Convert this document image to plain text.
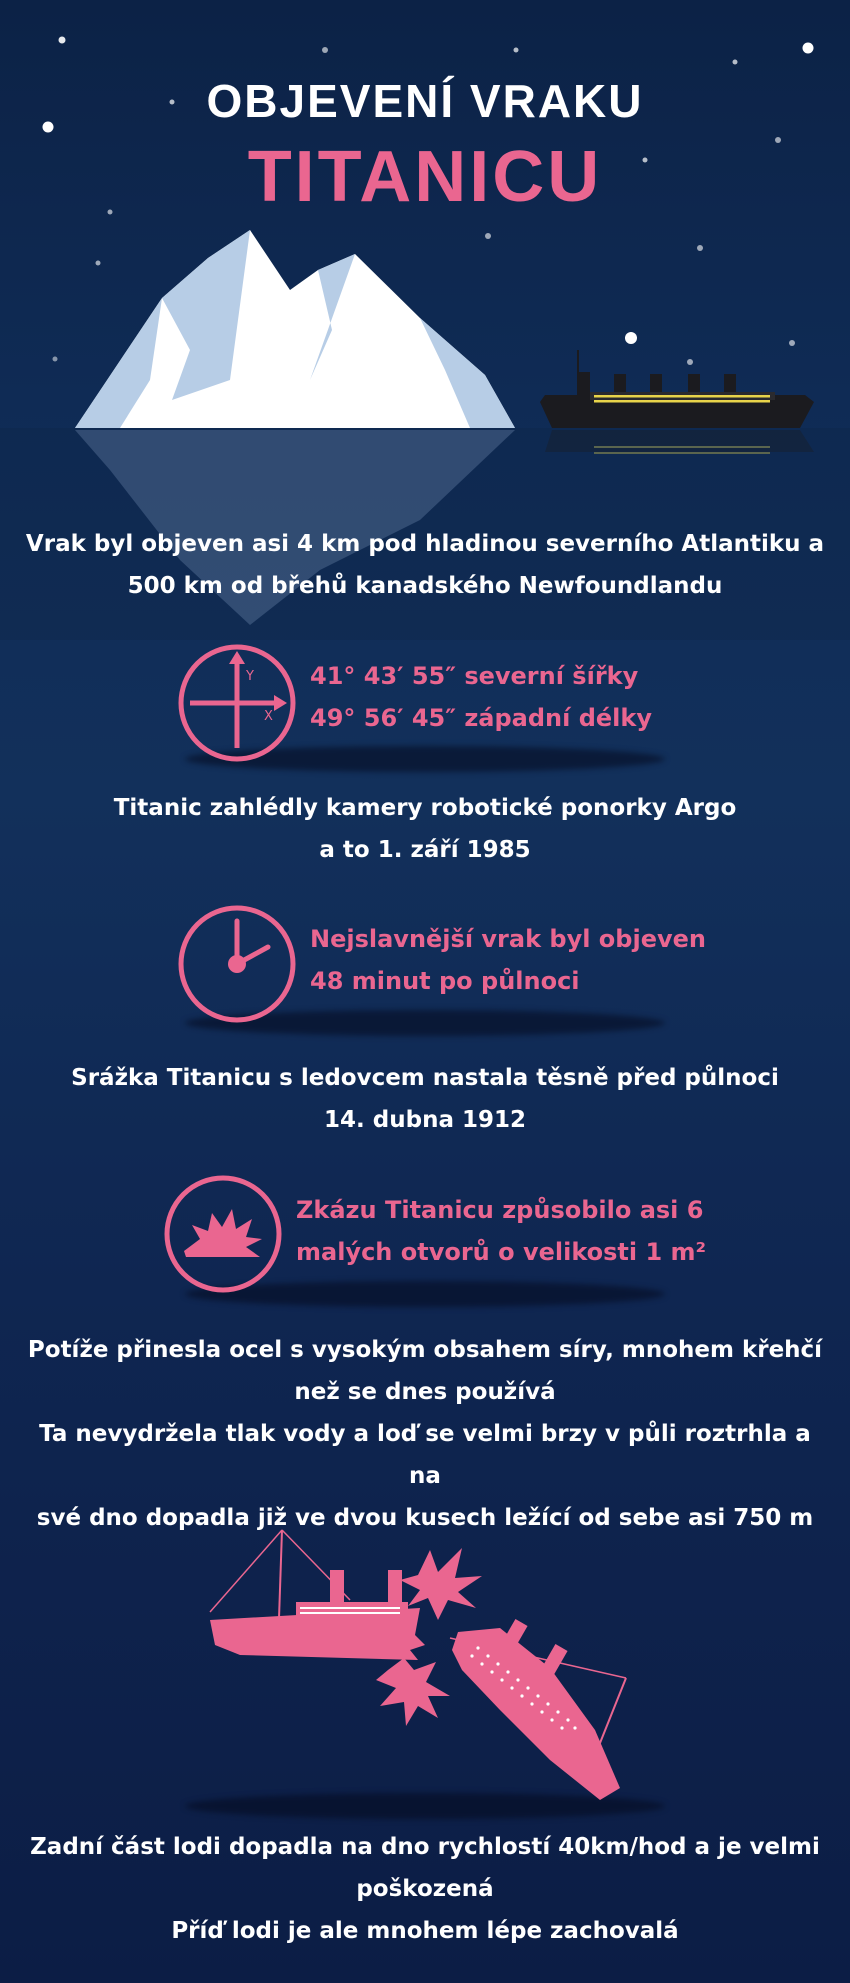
OBJEVENÍ VRAKU
TITANICU
Vrak byl objeven asi 4 km pod hladinou severního Atlantiku a
500 km od břehů kanadského Newfoundlandu
Y
X
41° 43′ 55″ severní šířky
49° 56′ 45″ západní délky
Titanic zahlédly kamery robotické ponorky Argo
a to 1. září 1985
Nejslavnější vrak byl objeven
48 minut po půlnoci
Srážka Titanicu s ledovcem nastala těsně před půlnoci
14. dubna 1912
Zkázu Titanicu způsobilo asi 6
malých otvorů o velikosti 1 m²
Potíže přinesla ocel s vysokým obsahem síry, mnohem křehčí
než se dnes používá
Ta nevydržela tlak vody a loď se velmi brzy v půli roztrhla a na
své dno dopadla již ve dvou kusech ležící od sebe asi 750 m
Zadní část lodi dopadla na dno rychlostí 40km/hod a je velmi
poškozená
Příď lodi je ale mnohem lépe zachovalá
